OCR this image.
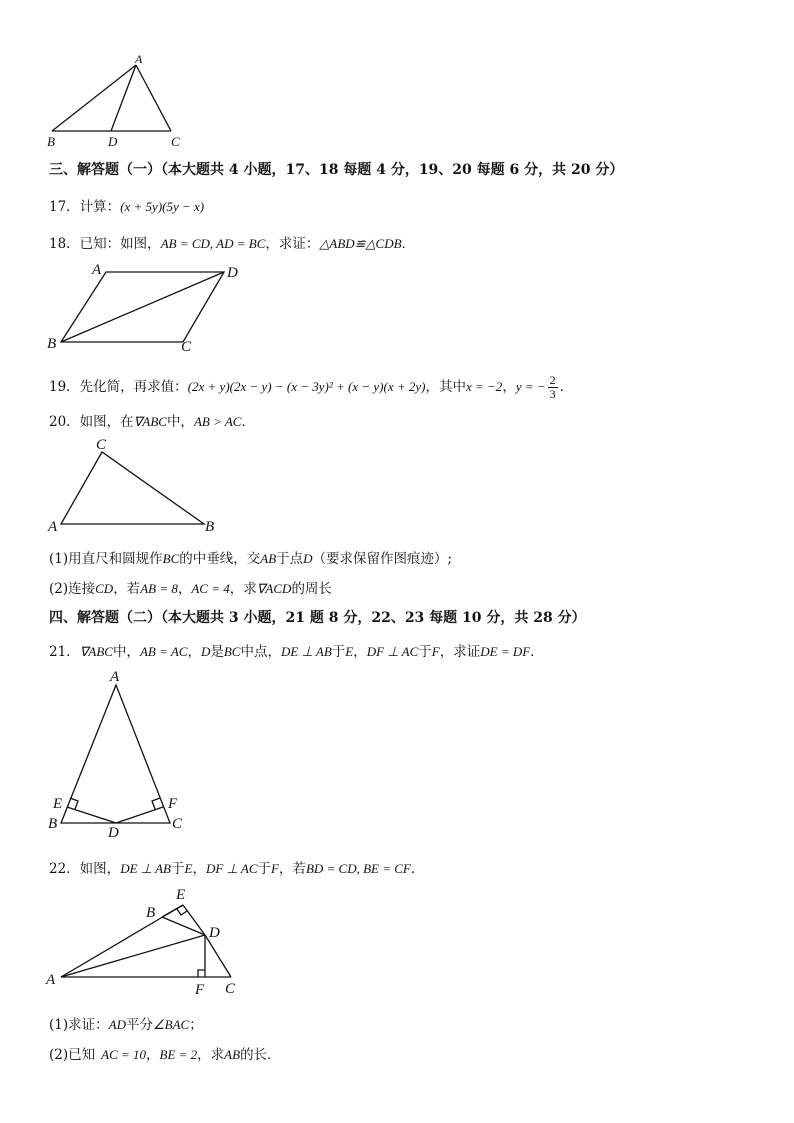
A
B	D	C
三、解答题（一）（本大题共 4 小题，17、18 每题 4 分，19、20 每题 6 分，共 20 分）
17．计算：(x + 5y)(5y − x)
18．已知：如图，AB = CD, AD = BC，求证：△ABD≌△CDB．
A	D
B	C
19．先化简，再求值：(2x + y)(2x − y) − (x − 3y)² + (x − y)(x + 2y)，其中x = −2，y = − $\frac{2}{3}$ ．
20．如图，在∇ABC中，AB > AC．
C
A	B
(1)用直尺和圆规作BC的中垂线，交AB于点D（要求保留作图痕迹）;
(2)连接CD，若AB = 8，AC = 4，求∇ACD的周长
四、解答题（二）（本大题共 3 小题，21 题 8 分，22、23 每题 10 分，共 28 分）
21．∇ABC中，AB = AC，D是BC中点，DE ⊥ AB于E，DF ⊥ AC于F，求证DE = DF．
A
E	F
B	C
D
22．如图，DE ⊥ AB于E，DF ⊥ AC于F，若BD = CD, BE = CF．
E
B
D
A
F C
(1)求证：AD平分∠BAC；
(2)已知 AC = 10，BE = 2，求AB的长．
